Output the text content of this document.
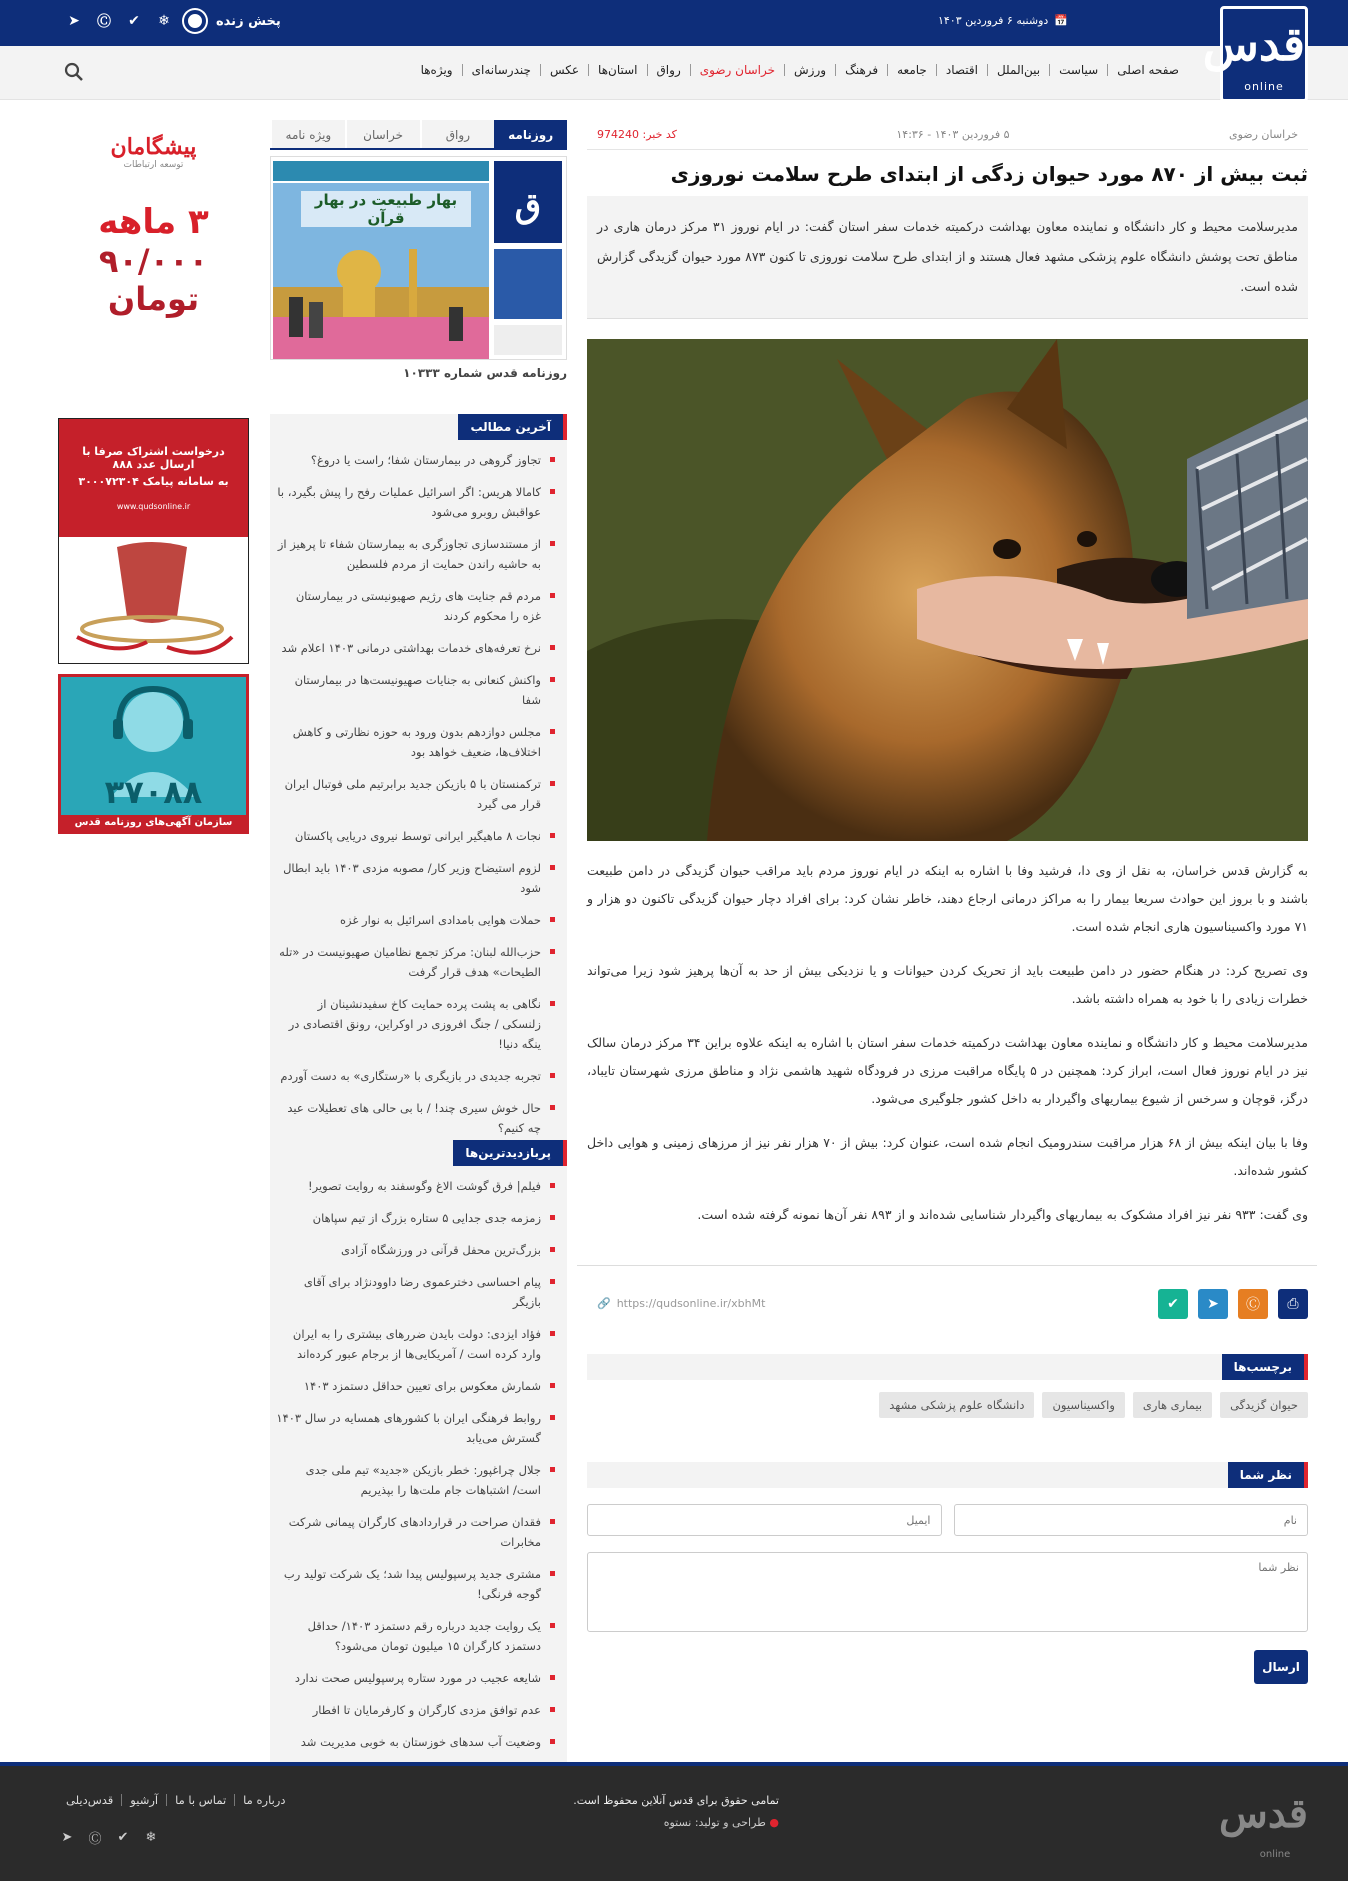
📅
دوشنبه ۶ فروردین ۱۴۰۳
پخش زنده
❄
✔
Ⓒ
➤	قدس
online
صفحه اصلی
سیاست
بین‌الملل
اقتصاد
جامعه
فرهنگ
ورزش
خراسان رضوی
رواق
استان‌ها
عکس
چندرسانه‌ای
ویژه‌ها
خراسان رضوی
۵ فروردین ۱۴۰۳ - ۱۴:۳۶
کد خبر: 974240
ثبت بیش از ۸۷۰ مورد حیوان زدگی از ابتدای طرح سلامت نوروزی
مدیرسلامت محیط و کار دانشگاه و نماینده معاون بهداشت درکمیته خدمات سفر استان گفت: در ایام نوروز ۳۱ مرکز درمان هاری در مناطق تحت پوشش دانشگاه علوم پزشکی مشهد فعال هستند و از ابتدای طرح سلامت نوروزی تا کنون ۸۷۳ مورد حیوان گزیدگی گزارش شده است.

به گزارش قدس خراسان، به نقل از وی دا، فرشید وفا با اشاره به اینکه در ایام نوروز مردم باید مراقب حیوان گزیدگی در دامن طبیعت باشند و با بروز این حوادث سریعا بیمار را به مراکز درمانی ارجاع دهند، خاطر نشان کرد: برای افراد دچار حیوان گزیدگی تاکنون دو هزار و ۷۱ مورد واکسیناسیون هاری انجام شده است.

وی تصریح کرد: در هنگام حضور در دامن طبیعت باید از تحریک کردن حیوانات و یا نزدیکی بیش از حد به آن‌ها پرهیز شود زیرا می‌تواند خطرات زیادی را با خود به همراه داشته باشد.

مدیرسلامت محیط و کار دانشگاه و نماینده معاون بهداشت درکمیته خدمات سفر استان با اشاره به اینکه علاوه براین ۳۴ مرکز درمان سالک نیز در ایام نوروز فعال است، ابراز کرد: همچنین در ۵ پایگاه مراقبت مرزی در فرودگاه شهید هاشمی نژاد و مناطق مرزی شهرستان تایباد، درگز، قوچان و سرخس از شیوع بیماریهای واگیردار به داخل کشور جلوگیری می‌شود.

وفا با بیان اینکه بیش از ۶۸ هزار مراقبت سندرومیک انجام شده است، عنوان کرد: بیش از ۷۰ هزار نفر نیز از مرزهای زمینی و هوایی داخل کشور شده‌اند.

وی گفت: ۹۳۳ نفر نیز افراد مشکوک به بیماریهای واگیردار شناسایی شده‌اند و از ۸۹۳ نفر آن‌ها نمونه گرفته شده است.

⎙
Ⓒ
➤
✔
🔗 https://qudsonline.ir/xbhMt
برچسب‌ها
حیوان گزیدگی
بیماری هاری
واکسیناسیون
دانشگاه علوم پزشکی مشهد
نظر شما
نام
ایمیل
نظر شما ارسال
روزنامه
رواق
خراسان
ویژه نامه
ق
بهار طبیعت در بهار قرآن
روزنامه قدس شماره ۱۰۳۳۳
آخرین مطالب
تجاوز گروهی در بیمارستان شفا؛ راست یا دروغ؟
کامالا هریس: اگر اسرائیل عملیات رفح را پیش بگیرد، با عواقبش روبرو می‌شود
از مستندسازی تجاوزگری به بیمارستان شفاء تا پرهیز از به حاشیه راندن حمایت از مردم فلسطین
مردم قم جنایت های رژیم صهیونیستی در بیمارستان غزه را محکوم کردند
نرخ تعرفه‌های خدمات بهداشتی درمانی ۱۴۰۳ اعلام شد
واکنش کنعانی به جنایات صهیونیست‌ها در بیمارستان شفا
مجلس دوازدهم بدون ورود به حوزه نظارتی و کاهش اختلاف‌ها، ضعیف خواهد بود
ترکمنستان با ۵ بازیکن جدید برابرتیم ملی فوتبال ایران قرار می گیرد
نجات ۸ ماهیگیر ایرانی توسط نیروی دریایی پاکستان
لزوم استیضاح وزیر کار/ مصوبه مزدی ۱۴۰۳ باید ابطال شود
حملات هوایی بامدادی اسرائیل به نوار غزه
حزب‌الله لبنان: مرکز تجمع نظامیان صهیونیست در «تله الطیحات» هدف قرار گرفت
نگاهی به پشت پرده حمایت کاخ سفیدنشینان از زلنسکی / جنگ افروزی در اوکراین، رونق اقتصادی در ینگه دنیا!
تجربه جدیدی در بازیگری با «رستگاری» به دست آوردم
حال خوش سیری چند! / با بی حالی های تعطیلات عید چه کنیم؟
پربازدیدترین‌ها
فیلم| فرق گوشت الاغ وگوسفند به روایت تصویر!
زمزمه جدی جدایی ۵ ستاره بزرگ از تیم سپاهان
بزرگ‌ترین محفل قرآنی در ورزشگاه آزادی
پیام احساسی دخترعموی رضا داوودنژاد برای آقای بازیگر
فؤاد ایزدی: دولت بایدن ضررهای بیشتری را به ایران وارد کرده است / آمریکایی‌ها از برجام عبور کرده‌اند
شمارش معکوس برای تعیین حداقل دستمزد ۱۴۰۳
روابط فرهنگی ایران با کشورهای همسایه در سال ۱۴۰۳ گسترش می‌یابد
جلال چراغپور: خطر بازیکن «جدید» تیم ملی جدی است/ اشتباهات جام ملت‌ها را بپذیریم
فقدان صراحت در قراردادهای کارگران پیمانی شرکت مخابرات
مشتری جدید پرسپولیس پیدا شد؛ یک شرکت تولید رب گوجه فرنگی!
یک روایت جدید درباره رقم دستمزد ۱۴۰۳/ حداقل دستمزد کارگران ۱۵ میلیون تومان می‌شود؟
شایعه عجیب در مورد ستاره پرسپولیس صحت ندارد
عدم توافق مزدی کارگران و کارفرمایان تا افطار
وضعیت آب سدهای خوزستان به خوبی مدیریت شد
پیشگامان
توسعه ارتباطات
۳ ماهه
۹۰/۰۰۰
تومان
درخواست اشتراک صرفا با ارسال عدد ۸۸۸
به سامانه پیامک ۳۰۰۰۷۲۳۰۴
www.qudsonline.ir
۳۷۰۸۸
سازمان آگهی‌های روزنامه قدس
قدس
online
تمامی حقوق برای قدس آنلاین محفوظ است.
● طراحی و تولید: نستوه
درباره ما
تماس با ما
آرشیو
قدس‌دیلی
❄
✔
Ⓒ
➤
